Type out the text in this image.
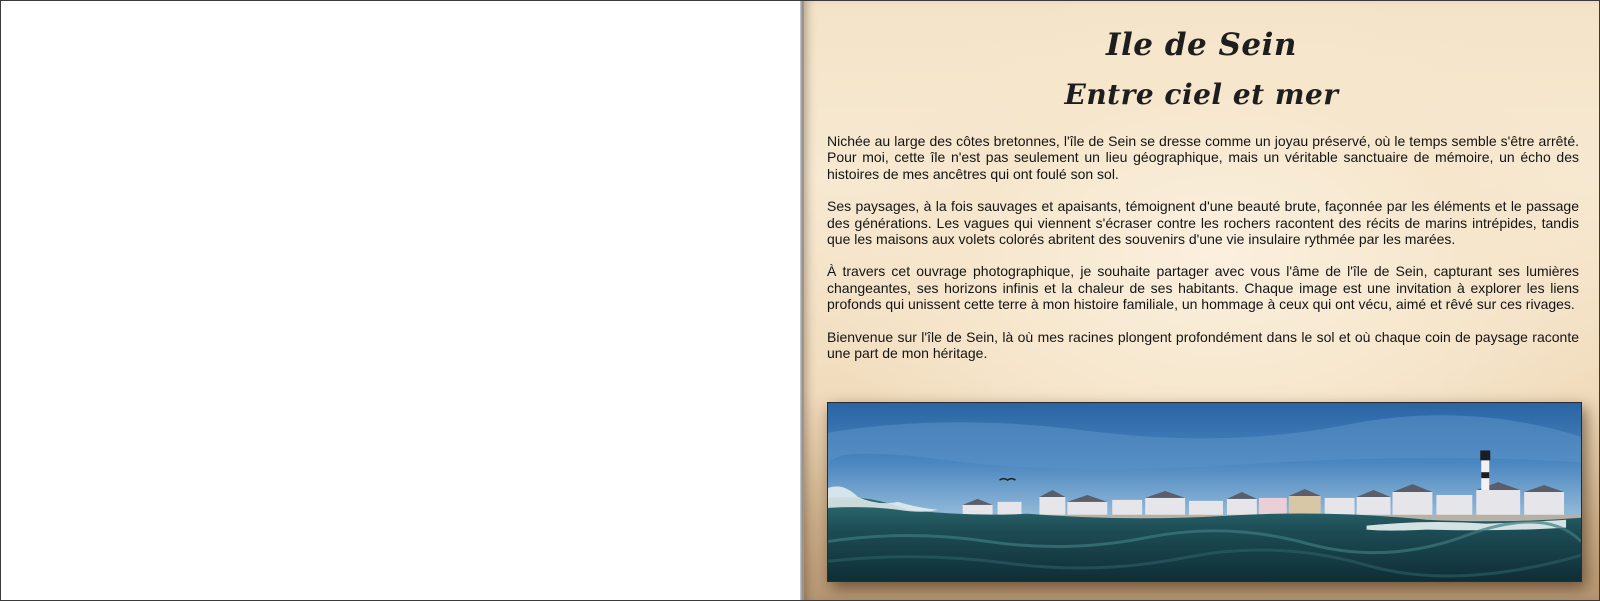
Ile de Sein
Entre ciel et mer

Nichée au large des côtes bretonnes, l'île de Sein se dresse comme un joyau préservé, où le temps semble s'être arrêté. Pour moi, cette île n'est pas seulement un lieu géographique, mais un véritable sanctuaire de mémoire, un écho des histoires de mes ancêtres qui ont foulé son sol.

Ses paysages, à la fois sauvages et apaisants, témoignent d'une beauté brute, façonnée par les éléments et le passage des générations. Les vagues qui viennent s'écraser contre les rochers racontent des récits de marins intrépides, tandis que les maisons aux volets colorés abritent des souvenirs d'une vie insulaire rythmée par les marées.

À travers cet ouvrage photographique, je souhaite partager avec vous l'âme de l'île de Sein, capturant ses lumières changeantes, ses horizons infinis et la chaleur de ses habitants. Chaque image est une invitation à explorer les liens profonds qui unissent cette terre à mon histoire familiale, un hommage à ceux qui ont vécu, aimé et rêvé sur ces rivages.

Bienvenue sur l'île de Sein, là où mes racines plongent profondément dans le sol et où chaque coin de paysage raconte une part de mon héritage.
